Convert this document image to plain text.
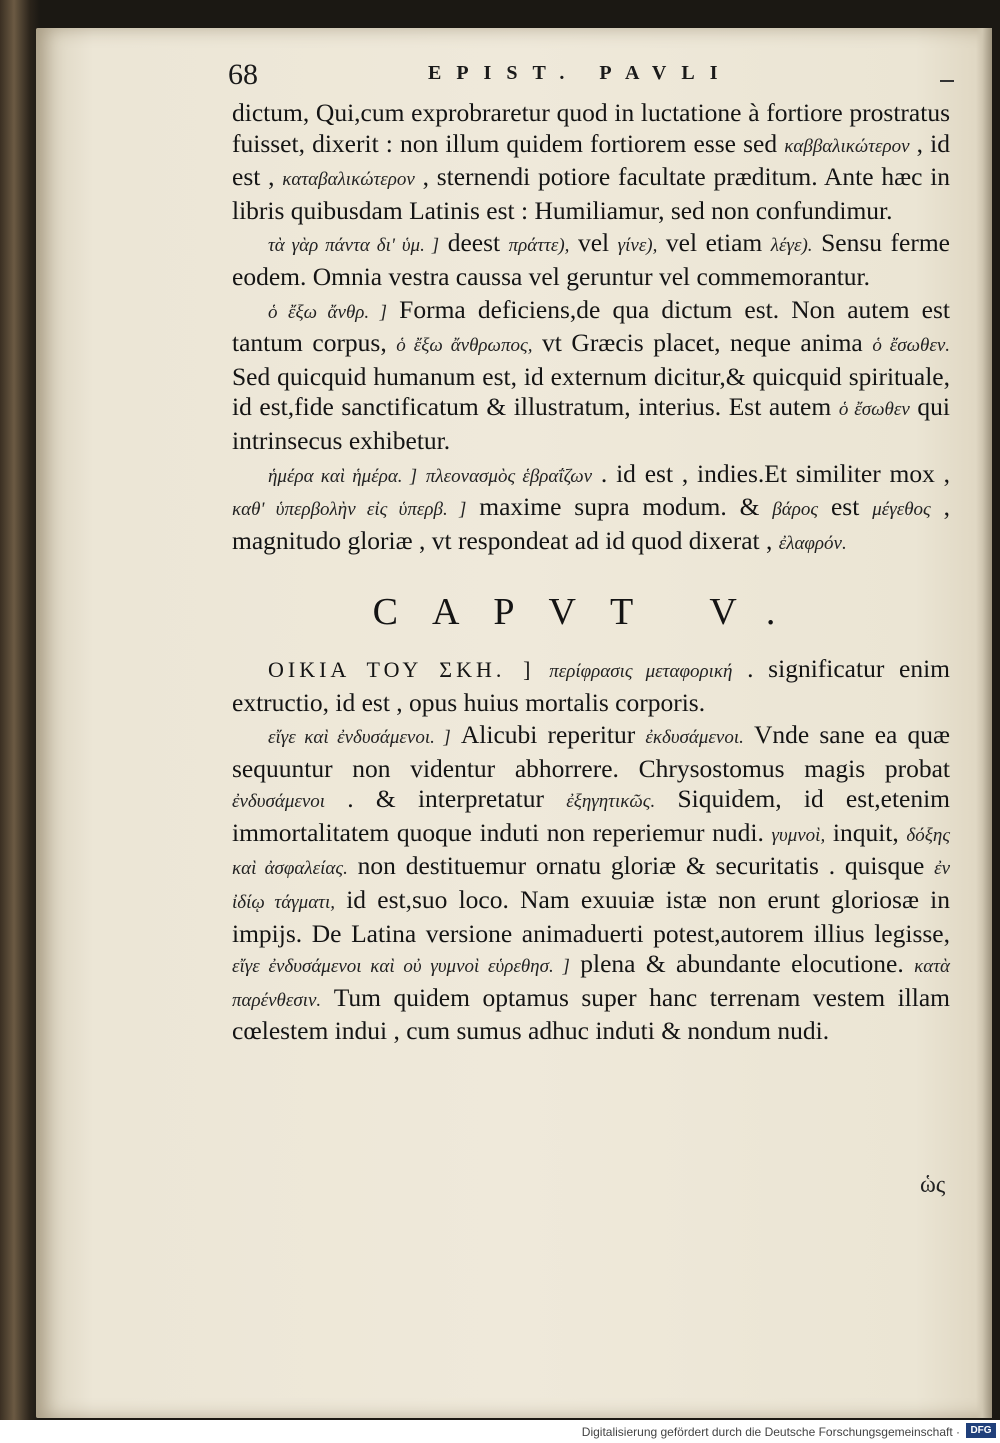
68	EPIST. PAVLI

dictum, Qui,cum exprobraretur quod in luctatione à fortiore prostratus fuisset, dixerit : non illum quidem fortiorem esse sed καββαλικώτερον , id est , καταβαλικώτερον , sternendi potiore facultate præditum. Ante hæc in libris quibusdam Latinis est : Humiliamur, sed non confundimur.

τὰ γὰρ πάντα δι' ὑμ. ] deest πράττε), vel γίνε), vel etiam λέγε). Sensu ferme eodem. Omnia vestra caussa vel geruntur vel commemorantur.

ὁ ἔξω ἄνθρ. ] Forma deficiens,de qua dictum est. Non autem est tantum corpus, ὁ ἔξω ἄνθρωπος, vt Græcis placet, neque anima ὁ ἔσωθεν. Sed quicquid humanum est, id externum dicitur,& quicquid spirituale, id est,fide sanctificatum & illustratum, interius. Est autem ὁ ἔσωθεν qui intrinsecus exhibetur.

ἡμέρα καὶ ἡμέρα. ] πλεονασμὸς ἑβραΐζων . id est , indies.Et similiter mox , καθ' ὑπερβολὴν εἰς ὑπερβ. ] maxime supra modum. & βάρος est μέγεθος , magnitudo gloriæ , vt respondeat ad id quod dixerat , ἐλαφρόν.

CAPVT V.

ΟΙΚΙΑ ΤΟΥ ΣΚΗ. ] περίφρασις μεταφορική . significatur enim extructio, id est , opus huius mortalis corporis.

εἴγε καὶ ἐνδυσάμενοι. ] Alicubi reperitur ἐκδυσάμενοι. Vnde sane ea quæ sequuntur non videntur abhorrere. Chrysostomus magis probat ἐνδυσάμενοι . & interpretatur ἐξηγητικῶς. Siquidem, id est,etenim immortalitatem quoque induti non reperiemur nudi. γυμνοὶ, inquit, δόξης καὶ ἀσφαλείας. non destituemur ornatu gloriæ & securitatis . quisque ἐν ἰδίῳ τάγματι, id est,suo loco. Nam exuuiæ istæ non erunt gloriosæ in impijs. De Latina versione animaduerti potest,autorem illius legisse, εἴγε ἐνδυσάμενοι καὶ οὐ γυμνοὶ εὑρεθησ. ] plena & abundante elocutione. κατὰ παρένθεσιν. Tum quidem optamus super hanc terrenam vestem illam cœlestem indui , cum sumus adhuc induti & nondum nudi.

ὡς
Digitalisierung gefördert durch die Deutsche Forschungsgemeinschaft ·	DFG
